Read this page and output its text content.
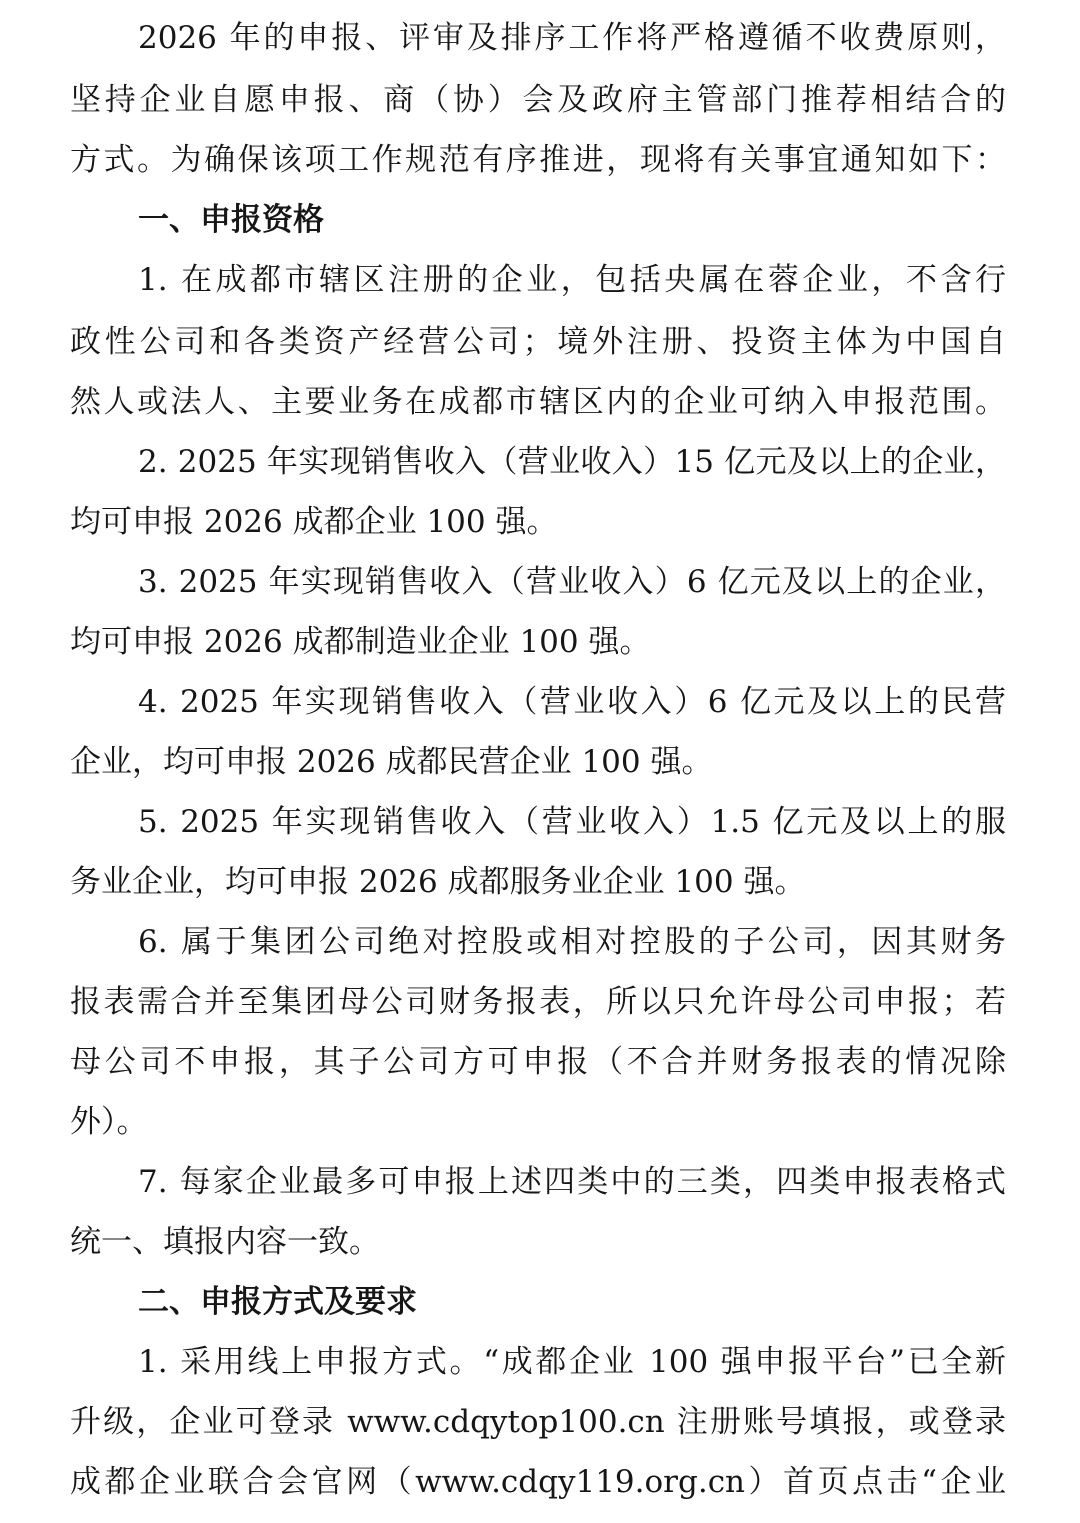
2026 年的申报、评审及排序工作将严格遵循不收费原则，
坚持企业自愿申报、商（协）会及政府主管部门推荐相结合的
方式。为确保该项工作规范有序推进，现将有关事宜通知如下：
一、申报资格
1. 在成都市辖区注册的企业，包括央属在蓉企业，不含行
政性公司和各类资产经营公司；境外注册、投资主体为中国自
然人或法人、主要业务在成都市辖区内的企业可纳入申报范围。
2. 2025 年实现销售收入（营业收入）15 亿元及以上的企业，
均可申报 2026 成都企业 100 强。
3. 2025 年实现销售收入（营业收入）6 亿元及以上的企业，
均可申报 2026 成都制造业企业 100 强。
4. 2025 年实现销售收入（营业收入）6 亿元及以上的民营
企业，均可申报 2026 成都民营企业 100 强。
5. 2025 年实现销售收入（营业收入）1.5 亿元及以上的服
务业企业，均可申报 2026 成都服务业企业 100 强。
6. 属于集团公司绝对控股或相对控股的子公司，因其财务
报表需合并至集团母公司财务报表，所以只允许母公司申报；若
母公司不申报，其子公司方可申报（不合并财务报表的情况除
外）。
7. 每家企业最多可申报上述四类中的三类，四类申报表格式
统一、填报内容一致。
二、申报方式及要求
1. 采用线上申报方式。“成都企业 100 强申报平台”已全新
升级，企业可登录 www.cdqytop100.cn 注册账号填报，或登录
成都企业联合会官网（www.cdqy119.org.cn）首页点击“企业
